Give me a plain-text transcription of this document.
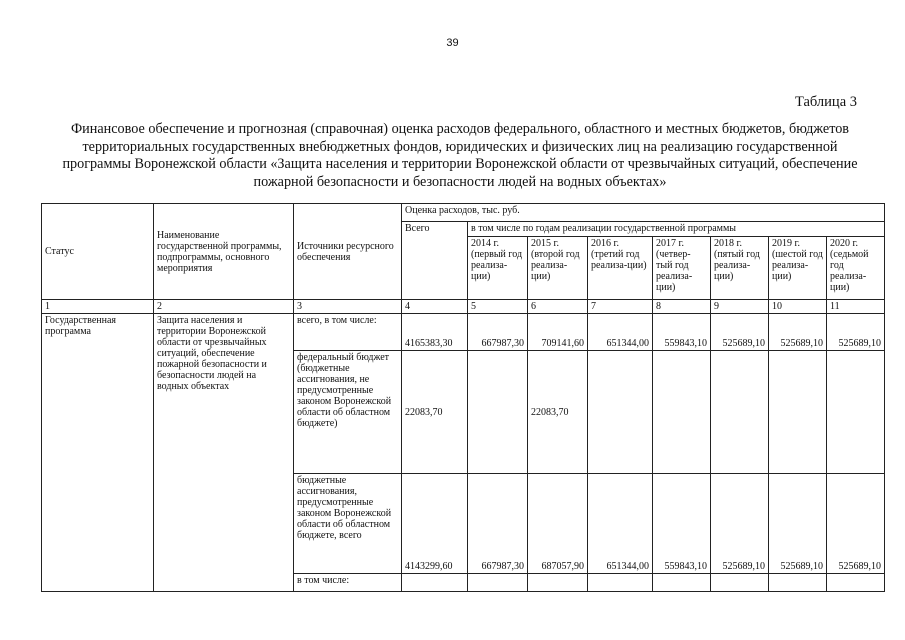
39
Таблица 3
Финансовое обеспечение и прогнозная (справочная) оценка расходов федерального, областного и местных бюджетов, бюджетов территориальных государственных внебюджетных фондов, юридических и физических лиц на реализацию государственной программы Воронежской области «Защита населения и территории Воронежской области от чрезвычайных ситуаций, обеспечение пожарной безопасности и безопасности людей на водных объектах»
Статус	Наименование государственной программы, подпрограммы, основного мероприятия	Источники ресурсного обеспечения	Оценка расходов, тыс. руб.							
			Всего	в том числе по годам реализации государственной программы						
				2014 г. (первый год реализа-ции)	2015 г. (второй год реализа-ции)	2016 г. (третий год реализа-ции)	2017 г. (четвер-тый год реализа-ции)	2018 г. (пятый год реализа-ции)	2019 г. (шестой год реализа-ции)	2020 г. (седьмой год реализа-ции)
1	2	3	4	5	6	7	8	9	10	11
Государственная программа	Защита населения и территории Воронежской области от чрезвычайных ситуаций, обеспечение пожарной безопасности и безопасности людей на водных объектах	всего, в том числе:	4165383,30	667987,30	709141,60	651344,00	559843,10	525689,10	525689,10	525689,10
		федеральный бюджет (бюджетные ассигнования, не предусмотренные законом Воронежской области об областном бюджете)	22083,70		22083,70					
		бюджетные ассигнования, предусмотренные законом Воронежской области об областном бюджете, всего	4143299,60	667987,30	687057,90	651344,00	559843,10	525689,10	525689,10	525689,10
		в том числе:								
